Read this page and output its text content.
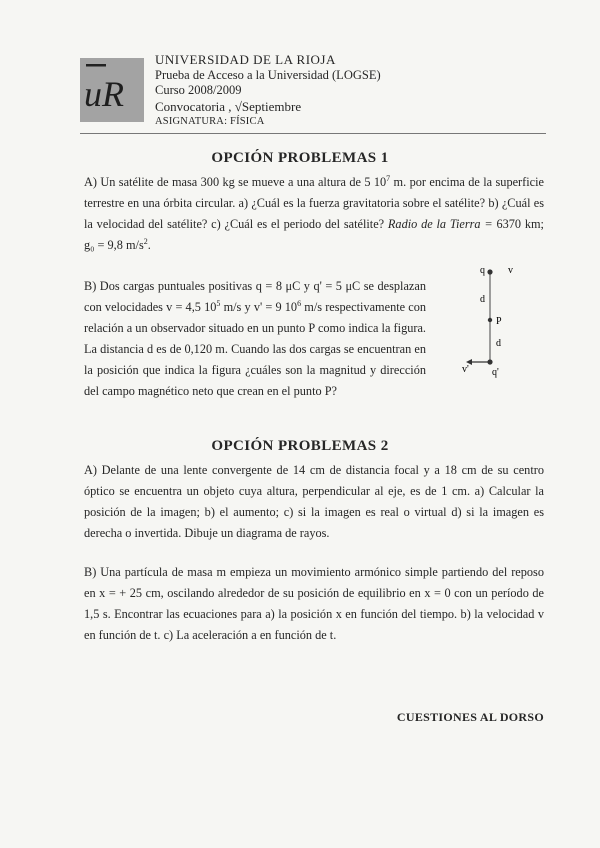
uR
UNIVERSIDAD DE LA RIOJA
Prueba de Acceso a la Universidad (LOGSE)
Curso 2008/2009
Convocatoria , √Septiembre
ASIGNATURA: FÍSICA
OPCIÓN PROBLEMAS 1
A) Un satélite de masa 300 kg se mueve a una altura de 5 $10^7$ m. por encima de la superficie terrestre en una órbita circular. a) ¿Cuál es la fuerza gravitatoria sobre el satélite? b) ¿Cuál es la velocidad del satélite? c) ¿Cuál es el periodo del satélite? Radio de la Tierra = 6370 km; g₀ = 9,8 $m/s^2$.
B) Dos cargas puntuales positivas q = 8 μC y q' = 5 μC se desplazan con velocidades v = 4,5 $10^5$ m/s y v' = 9 $10^6$ m/s respectivamente con relación a un observador situado en un punto P como indica la figura. La distancia d es de 0,120 m. Cuando las dos cargas se encuentran en la posición que indica la figura ¿cuáles son la magnitud y dirección del campo magnético neto que crean en el punto P?
q v
d
P
d
v' q'
OPCIÓN PROBLEMAS 2
A) Delante de una lente convergente de 14 cm de distancia focal y a 18 cm de su centro óptico se encuentra un objeto cuya altura, perpendicular al eje, es de 1 cm. a) Calcular la posición de la imagen; b) el aumento; c) si la imagen es real o virtual d) si la imagen es derecha o invertida. Dibuje un diagrama de rayos.
B) Una partícula de masa m empieza un movimiento armónico simple partiendo del reposo en x = + 25 cm, oscilando alrededor de su posición de equilibrio en x = 0 con un período de 1,5 s. Encontrar las ecuaciones para a) la posición x en función del tiempo. b) la velocidad v en función de t. c) La aceleración a en función de t.
CUESTIONES AL DORSO
